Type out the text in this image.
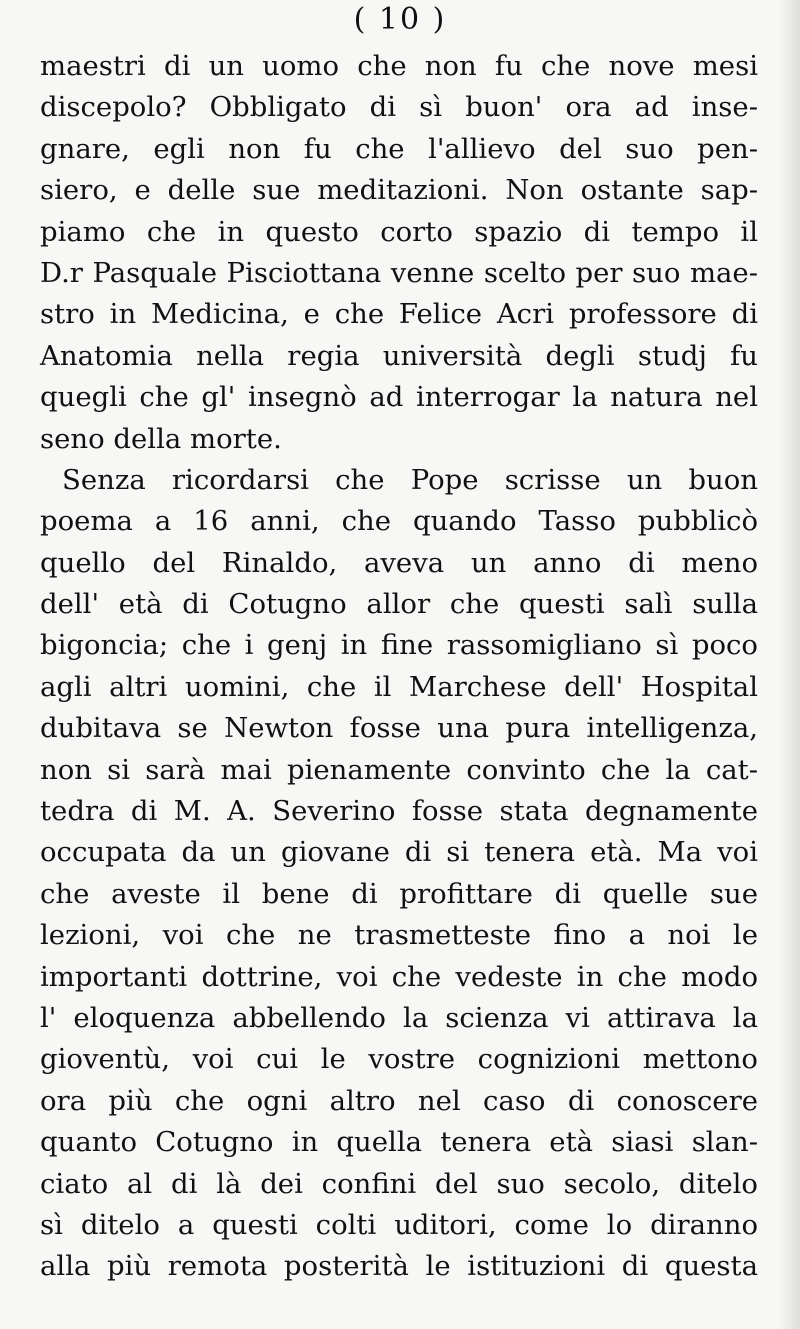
( 10 )
maestri di un uomo che non fu che nove mesi
discepolo? Obbligato di sì buon' ora ad inse-
gnare, egli non fu che l'allievo del suo pen-
siero, e delle sue meditazioni. Non ostante sap-
piamo che in questo corto spazio di tempo il
D.r Pasquale Pisciottana venne scelto per suo mae-
stro in Medicina, e che Felice Acri professore di
Anatomia nella regia università degli studj fu
quegli che gl' insegnò ad interrogar la natura nel
seno della morte.
Senza ricordarsi che Pope scrisse un buon
poema a 16 anni, che quando Tasso pubblicò
quello del Rinaldo, aveva un anno di meno
dell' età di Cotugno allor che questi salì sulla
bigoncia; che i genj in fine rassomigliano sì poco
agli altri uomini, che il Marchese dell' Hospital
dubitava se Newton fosse una pura intelligenza,
non si sarà mai pienamente convinto che la cat-
tedra di M. A. Severino fosse stata degnamente
occupata da un giovane di si tenera età. Ma voi
che aveste il bene di profittare di quelle sue
lezioni, voi che ne trasmetteste fino a noi le
importanti dottrine, voi che vedeste in che modo
l' eloquenza abbellendo la scienza vi attirava la
gioventù, voi cui le vostre cognizioni mettono
ora più che ogni altro nel caso di conoscere
quanto Cotugno in quella tenera età siasi slan-
ciato al di là dei confini del suo secolo, ditelo
sì ditelo a questi colti uditori, come lo diranno
alla più remota posterità le istituzioni di questa
